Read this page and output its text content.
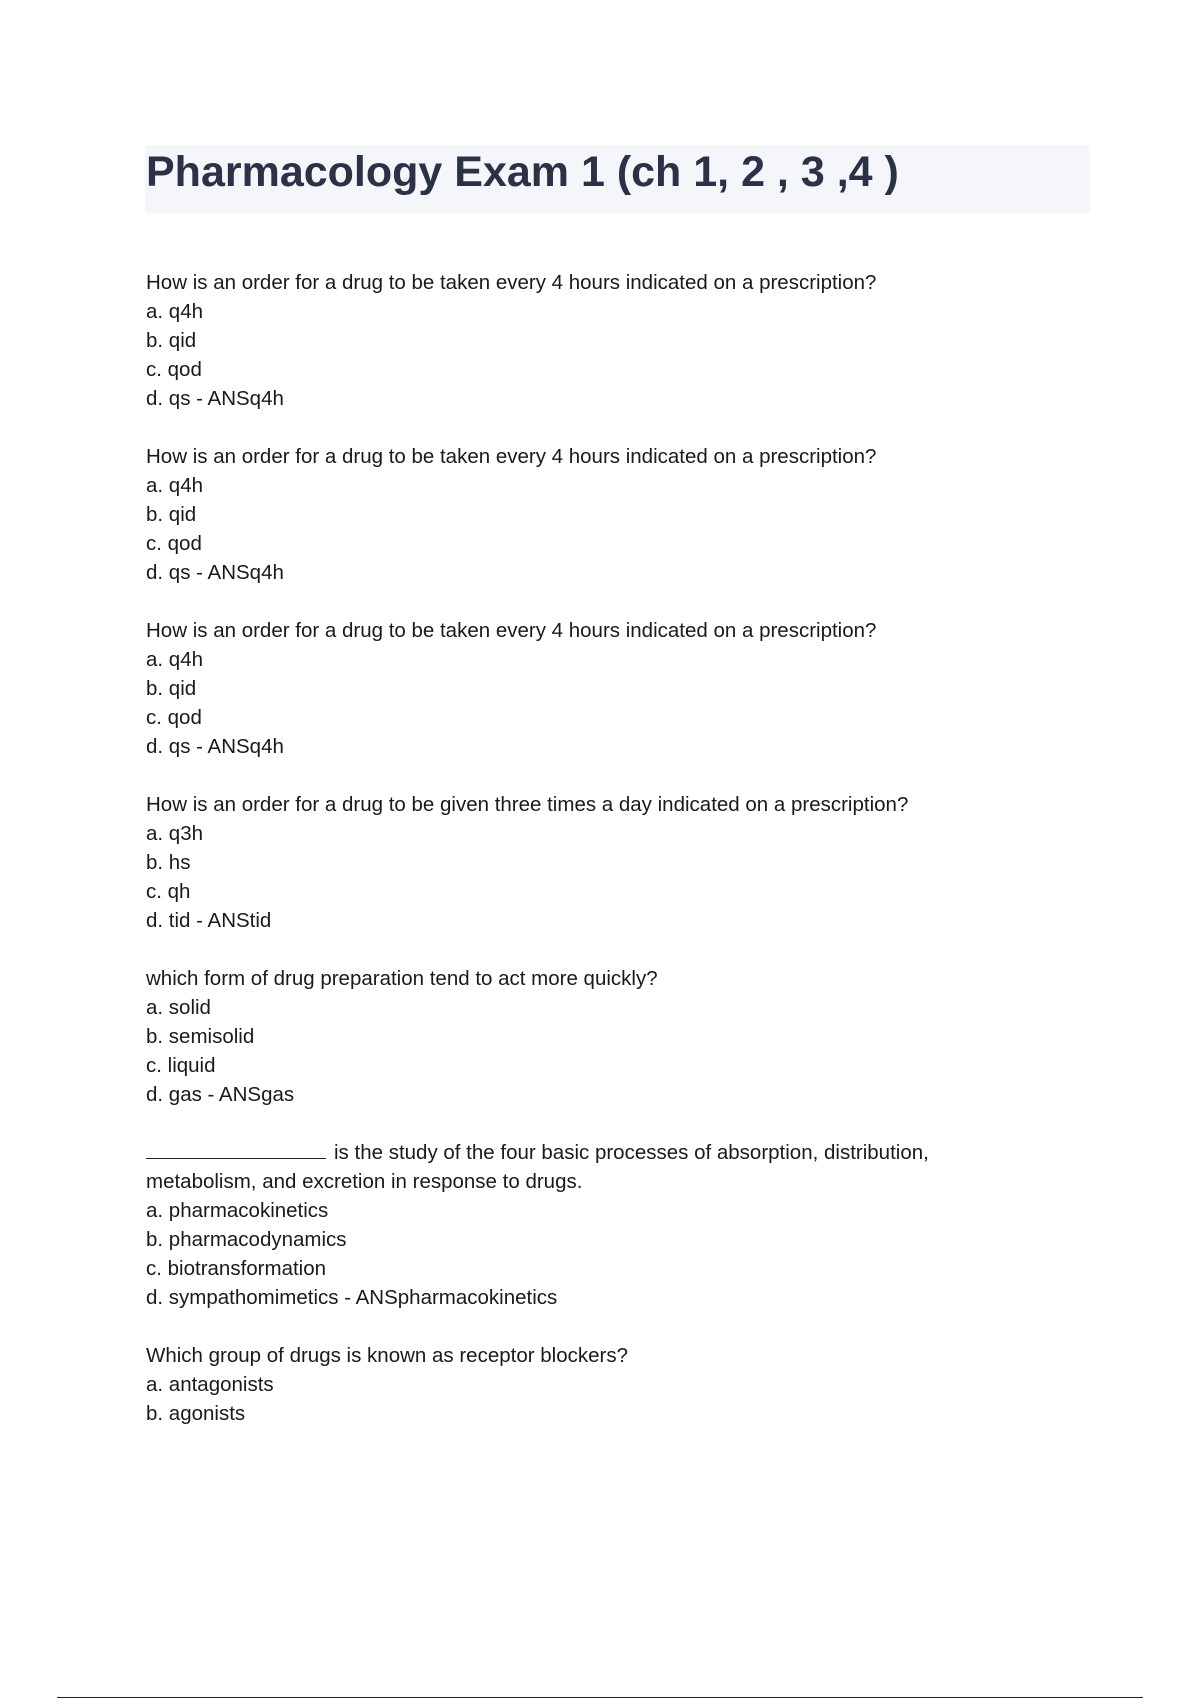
Pharmacology Exam 1 (ch 1, 2 , 3 ,4 )

How is an order for a drug to be taken every 4 hours indicated on a prescription?

a. q4h

b. qid

c. qod

d. qs - ANSq4h

How is an order for a drug to be taken every 4 hours indicated on a prescription?

a. q4h

b. qid

c. qod

d. qs - ANSq4h

How is an order for a drug to be taken every 4 hours indicated on a prescription?

a. q4h

b. qid

c. qod

d. qs - ANSq4h

How is an order for a drug to be given three times a day indicated on a prescription?

a. q3h

b. hs

c. qh

d. tid - ANStid

which form of drug preparation tend to act more quickly?

a. solid

b. semisolid

c. liquid

d. gas - ANSgas

is the study of the four basic processes of absorption, distribution, metabolism, and excretion in response to drugs.

a. pharmacokinetics

b. pharmacodynamics

c. biotransformation

d. sympathomimetics - ANSpharmacokinetics

Which group of drugs is known as receptor blockers?

a. antagonists

b. agonists
